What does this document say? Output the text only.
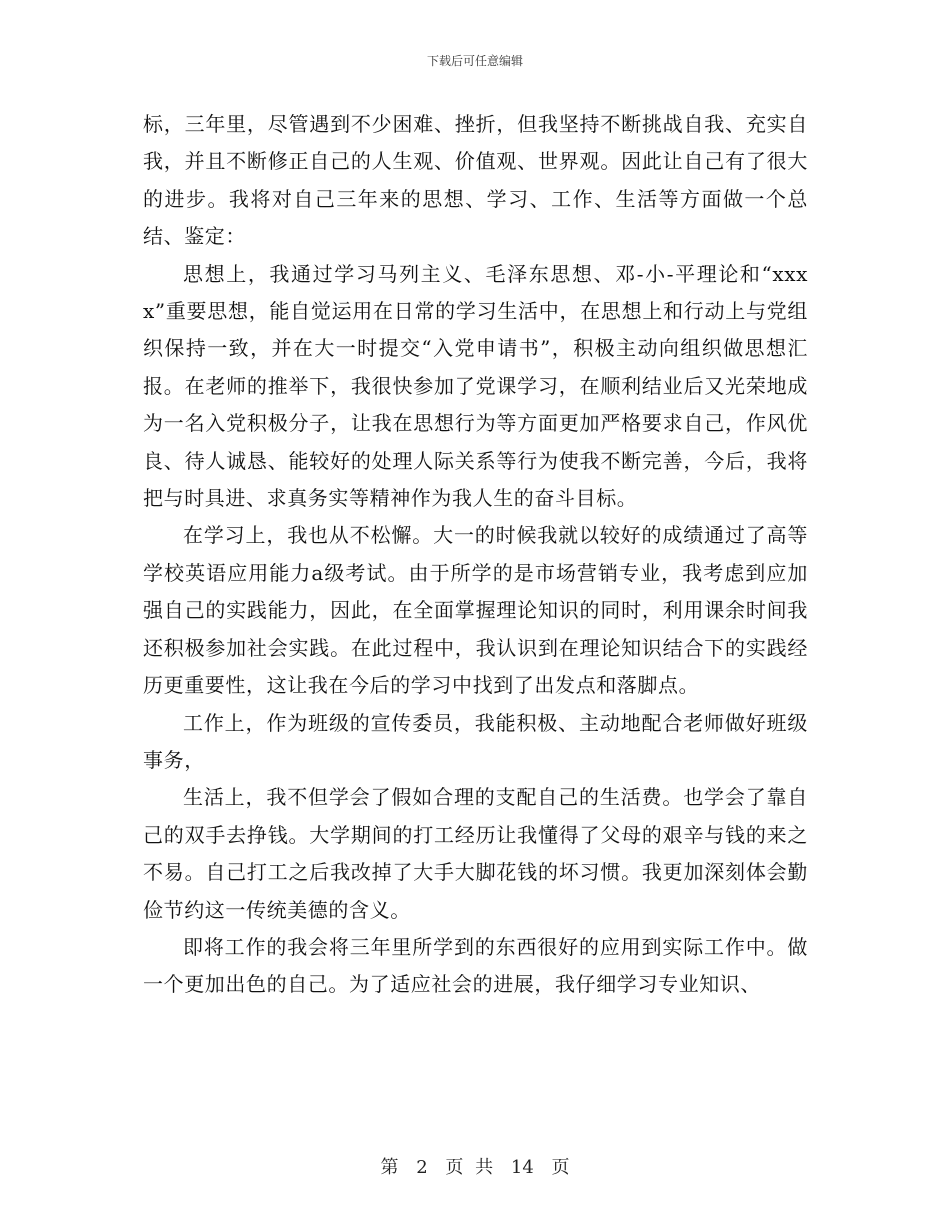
下载后可任意编辑

标，三年里，尽管遇到不少困难、挫折，但我坚持不断挑战自我、充实自我，并且不断修正自己的人生观、价值观、世界观。因此让自己有了很大的进步。我将对自己三年来的思想、学习、工作、生活等方面做一个总结、鉴定：

思想上，我通过学习马列主义、毛泽东思想、邓-小-平理论和“xxxx”重要思想，能自觉运用在日常的学习生活中，在思想上和行动上与党组织保持一致，并在大一时提交“入党申请书”，积极主动向组织做思想汇报。在老师的推举下，我很快参加了党课学习，在顺利结业后又光荣地成为一名入党积极分子，让我在思想行为等方面更加严格要求自己，作风优良、待人诚恳、能较好的处理人际关系等行为使我不断完善，今后，我将把与时具进、求真务实等精神作为我人生的奋斗目标。

在学习上，我也从不松懈。大一的时候我就以较好的成绩通过了高等学校英语应用能力a级考试。由于所学的是市场营销专业，我考虑到应加强自己的实践能力，因此，在全面掌握理论知识的同时，利用课余时间我还积极参加社会实践。在此过程中，我认识到在理论知识结合下的实践经历更重要性，这让我在今后的学习中找到了出发点和落脚点。

工作上，作为班级的宣传委员，我能积极、主动地配合老师做好班级事务，

生活上，我不但学会了假如合理的支配自己的生活费。也学会了靠自己的双手去挣钱。大学期间的打工经历让我懂得了父母的艰辛与钱的来之不易。自己打工之后我改掉了大手大脚花钱的坏习惯。我更加深刻体会勤俭节约这一传统美德的含义。

即将工作的我会将三年里所学到的东西很好的应用到实际工作中。做一个更加出色的自己。为了适应社会的进展，我仔细学习专业知识、

第 2 页 共 14 页
